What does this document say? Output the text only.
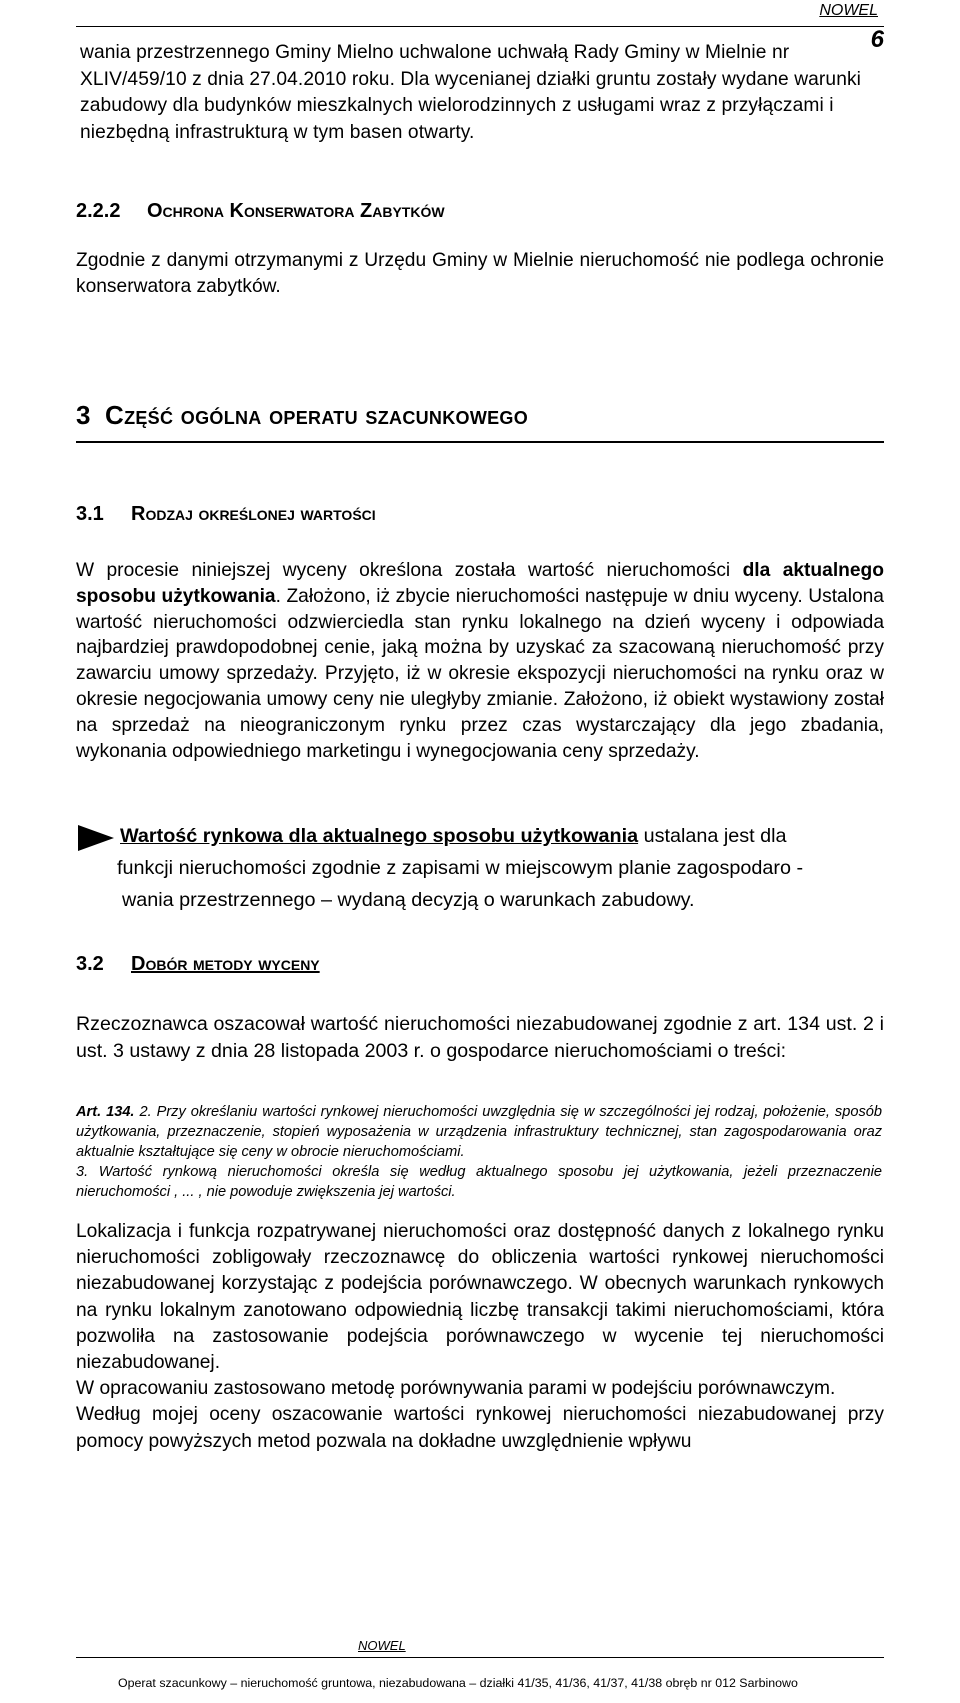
NOWEL
6
wania przestrzennego Gminy Mielno uchwalone uchwałą Rady Gminy w Mielnie nr XLIV/459/10 z dnia 27.04.2010 roku. Dla wycenianej działki gruntu zostały wydane warunki zabudowy dla budynków mieszkalnych wielorodzinnych z usługami wraz z przyłączami i niezbędną infrastrukturą w tym basen otwarty.
2.2.2 Ochrona Konserwatora Zabytków
Zgodnie z danymi otrzymanymi z Urzędu Gminy w Mielnie nieruchomość nie podlega ochronie konserwatora zabytków.
3 Część ogólna operatu szacunkowego
3.1 Rodzaj określonej wartości
W procesie niniejszej wyceny określona została wartość nieruchomości dla aktualnego sposobu użytkowania. Założono, iż zbycie nieruchomości następuje w dniu wyceny. Ustalona wartość nieruchomości odzwierciedla stan rynku lokalnego na dzień wyceny i odpowiada najbardziej prawdopodobnej cenie, jaką można by uzyskać za szacowaną nieruchomość przy zawarciu umowy sprzedaży. Przyjęto, iż w okresie ekspozycji nieruchomości na rynku oraz w okresie negocjowania umowy ceny nie uległyby zmianie. Założono, iż obiekt wystawiony został na sprzedaż na nieograniczonym rynku przez czas wystarczający dla jego zbadania, wykonania odpowiedniego marketingu i wynegocjowania ceny sprzedaży.
Wartość rynkowa dla aktualnego sposobu użytkowania ustalana jest dla
funkcji nieruchomości zgodnie z zapisami w miejscowym planie zagospodaro -
wania przestrzennego – wydaną decyzją o warunkach zabudowy.
3.2 Dobór metody wyceny
Rzeczoznawca oszacował wartość nieruchomości niezabudowanej zgodnie z art. 134 ust. 2 i ust. 3 ustawy z dnia 28 listopada 2003 r. o gospodarce nieruchomościami o treści:
Art. 134. 2. Przy określaniu wartości rynkowej nieruchomości uwzględnia się w szczególności jej rodzaj, położenie, sposób użytkowania, przeznaczenie, stopień wyposażenia w urządzenia infrastruktury technicznej, stan zagospodarowania oraz aktualnie kształtujące się ceny w obrocie nieruchomościami.
3. Wartość rynkową nieruchomości określa się według aktualnego sposobu jej użytkowania, jeżeli przeznaczenie nieruchomości , ... , nie powoduje zwiększenia jej wartości.
Lokalizacja i funkcja rozpatrywanej nieruchomości oraz dostępność danych z lokalnego rynku nieruchomości zobligowały rzeczoznawcę do obliczenia wartości rynkowej nieruchomości niezabudowanej korzystając z podejścia porównawczego. W obecnych warunkach rynkowych na rynku lokalnym zanotowano odpowiednią liczbę transakcji takimi nieruchomościami, która pozwoliła na zastosowanie podejścia porównawczego w wycenie tej nieruchomości niezabudowanej.
W opracowaniu zastosowano metodę porównywania parami w podejściu porównawczym.
Według mojej oceny oszacowanie wartości rynkowej nieruchomości niezabudowanej przy pomocy powyższych metod pozwala na dokładne uwzględnienie wpływu
NOWEL
Operat szacunkowy – nieruchomość gruntowa, niezabudowana – działki 41/35, 41/36, 41/37, 41/38 obręb nr 012 Sarbinowo
